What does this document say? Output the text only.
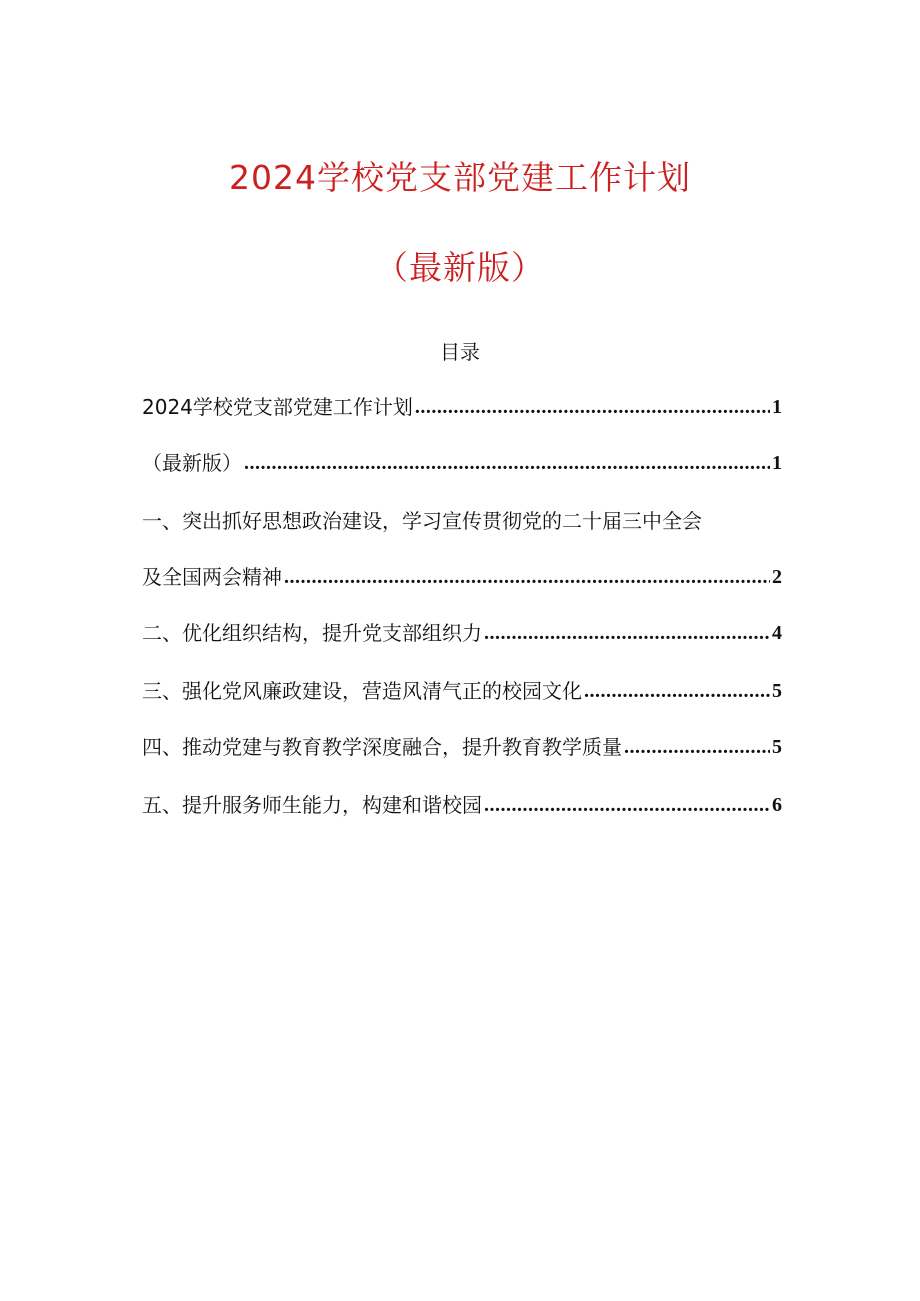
2024学校党支部党建工作计划
（最新版）
目录
2024学校党支部党建工作计划 .....	1
（最新版） .....	1
一、突出抓好思想政治建设，学习宣传贯彻党的二十届三中全会
及全国两会精神 .....	2
二、优化组织结构，提升党支部组织力 .....	4
三、强化党风廉政建设，营造风清气正的校园文化 .....	5
四、推动党建与教育教学深度融合，提升教育教学质量 .....	5
五、提升服务师生能力，构建和谐校园 .....	6
